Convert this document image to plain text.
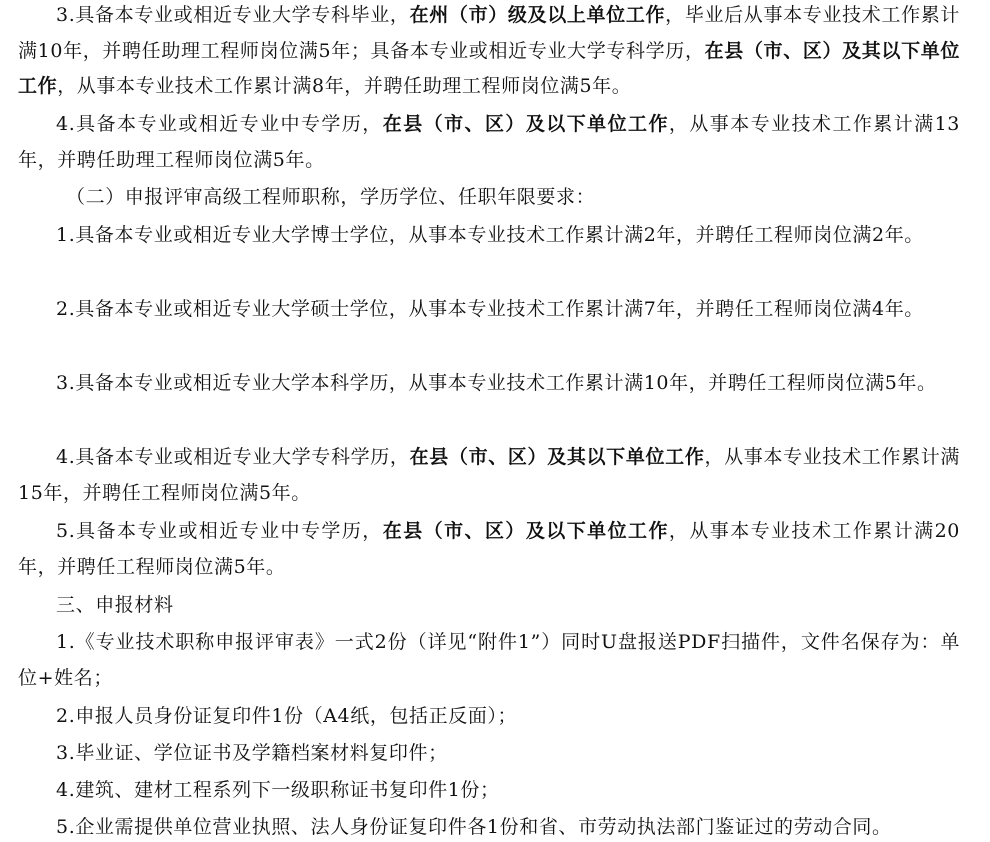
3.具备本专业或相近专业大学专科毕业，在州（市）级及以上单位工作，毕业后从事本专业技术工作累计满10年，并聘任助理工程师岗位满5年；具备本专业或相近专业大学专科学历，在县（市、区）及其以下单位工作，从事本专业技术工作累计满8年，并聘任助理工程师岗位满5年。

4.具备本专业或相近专业中专学历，在县（市、区）及以下单位工作，从事本专业技术工作累计满13年，并聘任助理工程师岗位满5年。

（二）申报评审高级工程师职称，学历学位、任职年限要求：

1.具备本专业或相近专业大学博士学位，从事本专业技术工作累计满2年，并聘任工程师岗位满2年。

2.具备本专业或相近专业大学硕士学位，从事本专业技术工作累计满7年，并聘任工程师岗位满4年。

3.具备本专业或相近专业大学本科学历，从事本专业技术工作累计满10年，并聘任工程师岗位满5年。

4.具备本专业或相近专业大学专科学历，在县（市、区）及其以下单位工作，从事本专业技术工作累计满15年，并聘任工程师岗位满5年。

5.具备本专业或相近专业中专学历，在县（市、区）及以下单位工作，从事本专业技术工作累计满20年，并聘任工程师岗位满5年。

三、申报材料

1.《专业技术职称申报评审表》一式2份（详见“附件1”）同时U盘报送PDF扫描件，文件名保存为：单位+姓名；

2.申报人员身份证复印件1份（A4纸，包括正反面）；

3.毕业证、学位证书及学籍档案材料复印件；

4.建筑、建材工程系列下一级职称证书复印件1份；

5.企业需提供单位营业执照、法人身份证复印件各1份和省、市劳动执法部门鉴证过的劳动合同。
